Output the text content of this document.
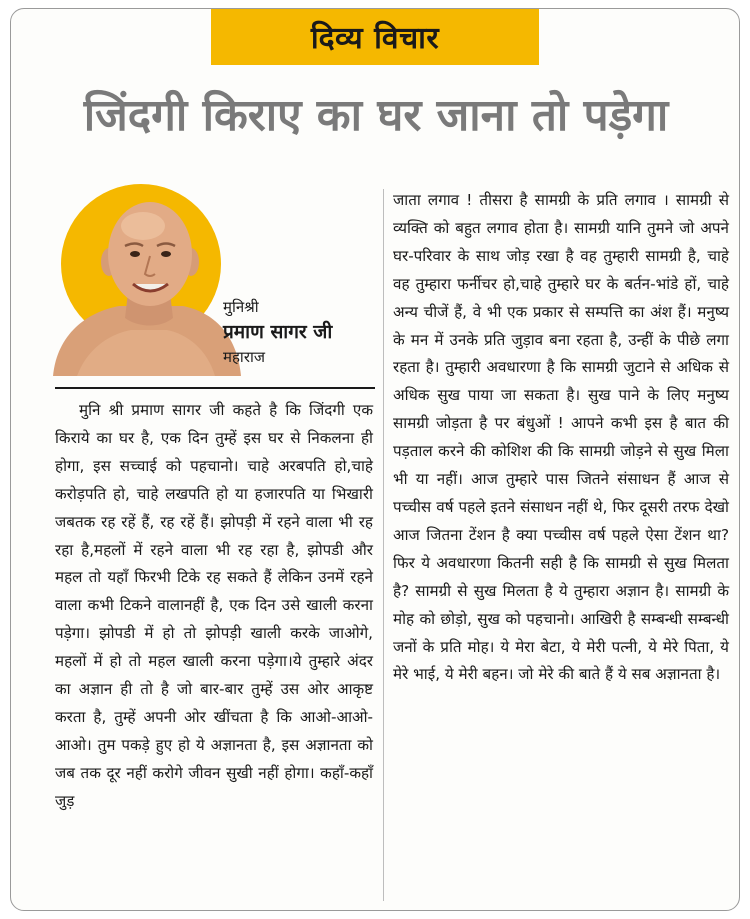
दिव्य विचार
जिंदगी किराए का घर जाना तो पड़ेगा
मुनिश्री
प्रमाण सागर जी
महाराज

मुनि श्री प्रमाण सागर जी कहते है कि जिंदगी एक किराये का घर है, एक दिन तुम्हें इस घर से निकलना ही होगा, इस सच्चाई को पहचानो। चाहे अरबपति हो,चाहे करोड़पति हो, चाहे लखपति हो या हजारपति या भिखारी जबतक रह रहें हैं, रह रहें हैं। झोपड़ी में रहने वाला भी रह रहा है,महलों में रहने वाला भी रह रहा है, झोपडी और महल तो यहाँ फिरभी टिके रह सकते हैं लेकिन उनमें रहने वाला कभी टिकने वालानहीं है, एक दिन उसे खाली करना पड़ेगा। झोपडी में हो तो झोपड़ी खाली करके जाओगे, महलों में हो तो महल खाली करना पड़ेगा।ये तुम्हारे अंदर का अज्ञान ही तो है जो बार-बार तुम्हें उस ओर आकृष्ट करता है, तुम्हें अपनी ओर खींचता है कि आओ-आओ-आओ। तुम पकड़े हुए हो ये अज्ञानता है, इस अज्ञानता को जब तक दूर नहीं करोगे जीवन सुखी नहीं होगा। कहाँ-कहाँ जुड़

जाता लगाव ! तीसरा है सामग्री के प्रति लगाव । सामग्री से व्यक्ति को बहुत लगाव होता है। सामग्री यानि तुमने जो अपने घर-परिवार के साथ जोड़ रखा है वह तुम्हारी सामग्री है, चाहे वह तुम्हारा फर्नीचर हो,चाहे तुम्हारे घर के बर्तन-भांडे हों, चाहे अन्य चीजें हैं, वे भी एक प्रकार से सम्पत्ति का अंश हैं। मनुष्य के मन में उनके प्रति जुड़ाव बना रहता है, उन्हीं के पीछे लगा रहता है। तुम्हारी अवधारणा है कि सामग्री जुटाने से अधिक से अधिक सुख पाया जा सकता है। सुख पाने के लिए मनुष्य सामग्री जोड़ता है पर बंधुओं ! आपने कभी इस है बात की पड़ताल करने की कोशिश की कि सामग्री जोड़ने से सुख मिला भी या नहीं। आज तुम्हारे पास जितने संसाधन हैं आज से पच्चीस वर्ष पहले इतने संसाधन नहीं थे, फिर दूसरी तरफ देखो आज जितना टेंशन है क्या पच्चीस वर्ष पहले ऐसा टेंशन था? फिर ये अवधारणा कितनी सही है कि सामग्री से सुख मिलता है? सामग्री से सुख मिलता है ये तुम्हारा अज्ञान है। सामग्री के मोह को छोड़ो, सुख को पहचानो। आखिरी है सम्बन्धी सम्बन्धी जनों के प्रति मोह। ये मेरा बेटा, ये मेरी पत्नी, ये मेरे पिता, ये मेरे भाई, ये मेरी बहन। जो मेरे की बाते हैं ये सब अज्ञानता है।
